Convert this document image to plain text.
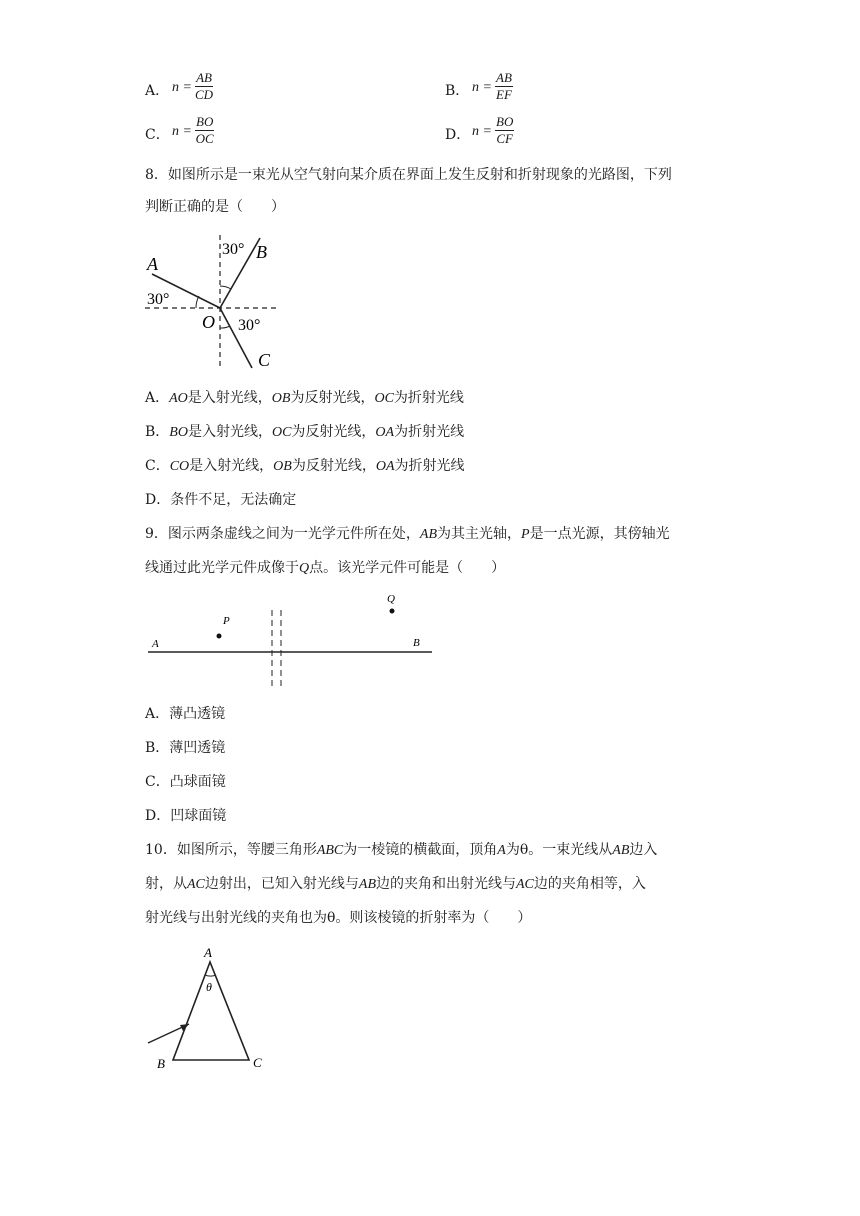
A． $n = \frac{AB}{CD}$	B． $n = \frac{AB}{EF}$
C． $n = \frac{BO}{OC}$	D． $n = \frac{BO}{CF}$
8．如图所示是一束光从空气射向某介质在界面上发生反射和折射现象的光路图，下列
判断正确的是（　　）
A
B
C
O
30°
30°
30°
A．AO是入射光线，OB为反射光线，OC为折射光线
B．BO是入射光线，OC为反射光线，OA为折射光线
C．CO是入射光线，OB为反射光线，OA为折射光线
D．条件不足，无法确定
9．图示两条虚线之间为一光学元件所在处，AB为其主光轴，P是一点光源，其傍轴光
线通过此光学元件成像于Q点。该光学元件可能是（　　）
A	B
P
Q
A．薄凸透镜
B．薄凹透镜
C．凸球面镜
D．凹球面镜
10．如图所示，等腰三角形ABC为一棱镜的横截面，顶角A为θ。一束光线从AB边入
射，从AC边射出，已知入射光线与AB边的夹角和出射光线与AC边的夹角相等，入
射光线与出射光线的夹角也为θ。则该棱镜的折射率为（　　）
A
B	C
θ
